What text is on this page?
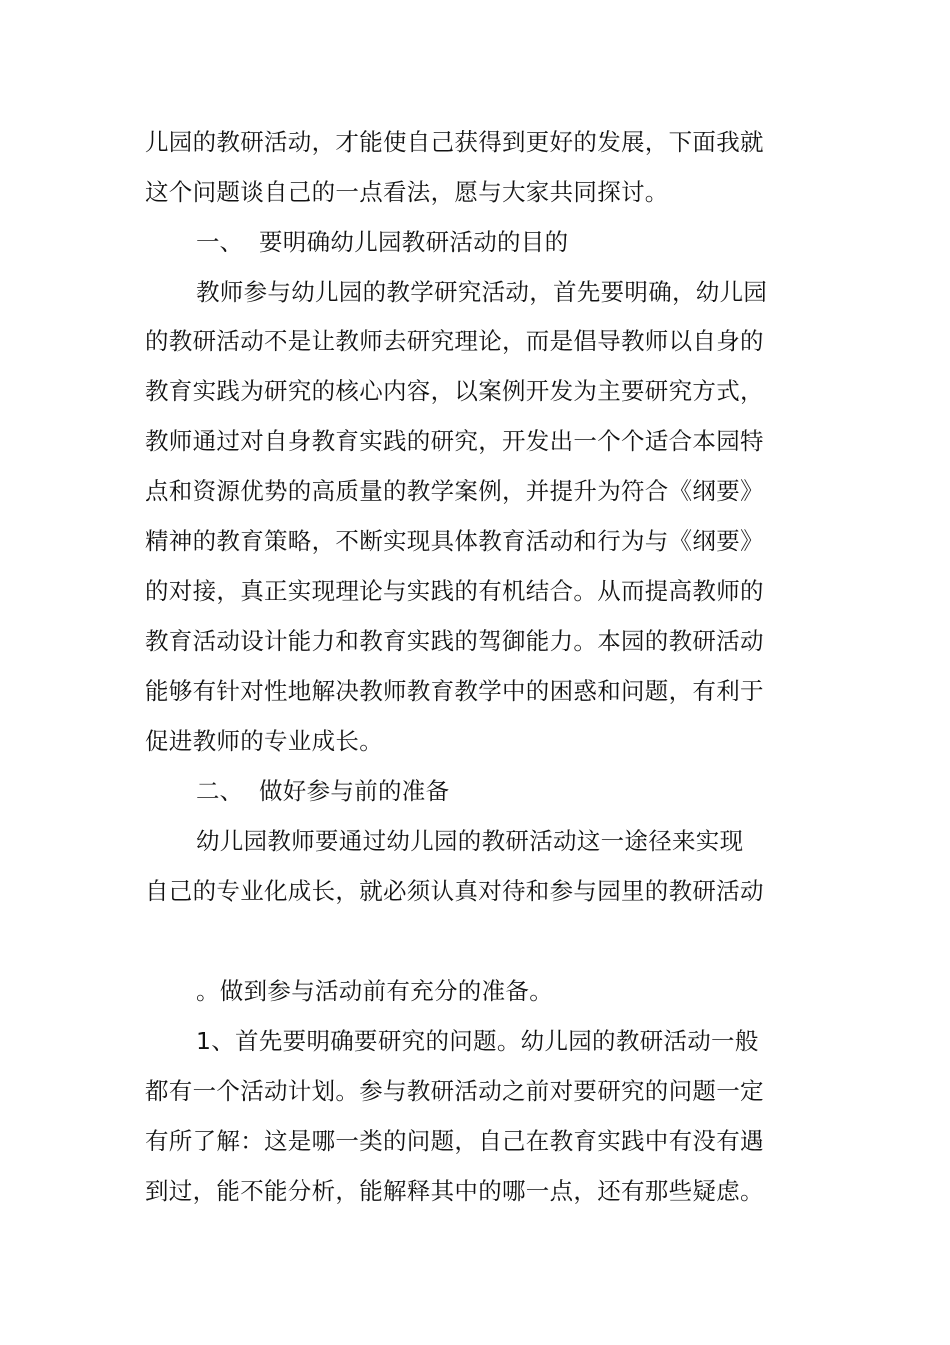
儿园的教研活动，才能使自己获得到更好的发展，下面我就
这个问题谈自己的一点看法，愿与大家共同探讨。
一、 要明确幼儿园教研活动的目的
教师参与幼儿园的教学研究活动，首先要明确，幼儿园
的教研活动不是让教师去研究理论，而是倡导教师以自身的
教育实践为研究的核心内容，以案例开发为主要研究方式，
教师通过对自身教育实践的研究，开发出一个个适合本园特
点和资源优势的高质量的教学案例，并提升为符合《纲要》
精神的教育策略，不断实现具体教育活动和行为与《纲要》
的对接，真正实现理论与实践的有机结合。从而提高教师的
教育活动设计能力和教育实践的驾御能力。本园的教研活动
能够有针对性地解决教师教育教学中的困惑和问题，有利于
促进教师的专业成长。
二、 做好参与前的准备
幼儿园教师要通过幼儿园的教研活动这一途径来实现
自己的专业化成长，就必须认真对待和参与园里的教研活动
。做到参与活动前有充分的准备。
1、首先要明确要研究的问题。幼儿园的教研活动一般
都有一个活动计划。参与教研活动之前对要研究的问题一定
有所了解：这是哪一类的问题，自己在教育实践中有没有遇
到过，能不能分析，能解释其中的哪一点，还有那些疑虑。
